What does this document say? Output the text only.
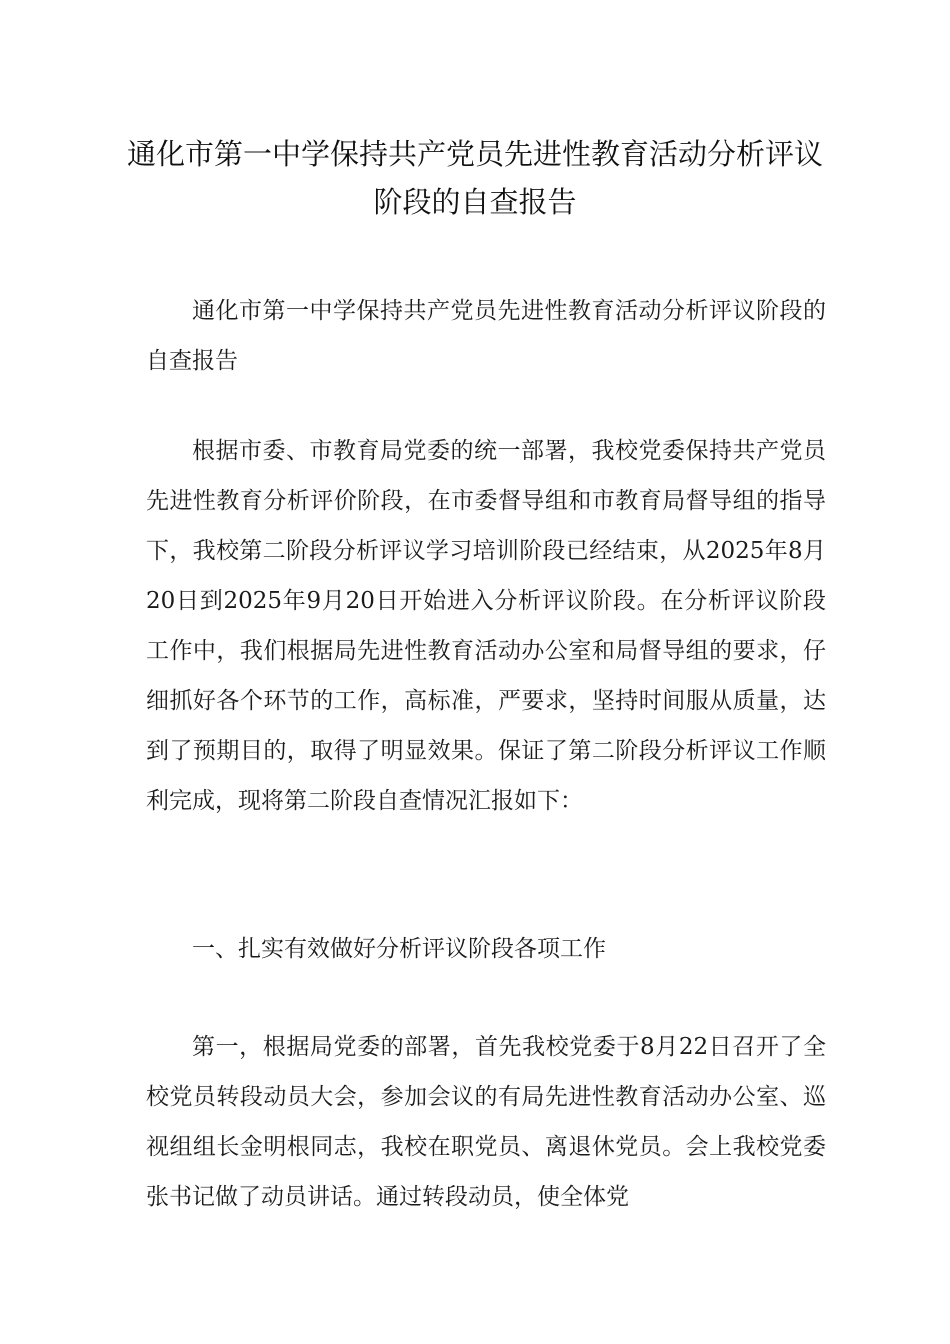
通化市第一中学保持共产党员先进性教育活动分析评议阶段的自查报告

通化市第一中学保持共产党员先进性教育活动分析评议阶段的自查报告

根据市委、市教育局党委的统一部署，我校党委保持共产党员先进性教育分析评价阶段，在市委督导组和市教育局督导组的指导下，我校第二阶段分析评议学习培训阶段已经结束，从2025年8月20日到2025年9月20日开始进入分析评议阶段。在分析评议阶段工作中，我们根据局先进性教育活动办公室和局督导组的要求，仔细抓好各个环节的工作，高标准，严要求，坚持时间服从质量，达到了预期目的，取得了明显效果。保证了第二阶段分析评议工作顺利完成，现将第二阶段自查情况汇报如下：

一、扎实有效做好分析评议阶段各项工作

第一，根据局党委的部署，首先我校党委于8月22日召开了全校党员转段动员大会，参加会议的有局先进性教育活动办公室、巡视组组长金明根同志，我校在职党员、离退休党员。会上我校党委张书记做了动员讲话。通过转段动员，使全体党
